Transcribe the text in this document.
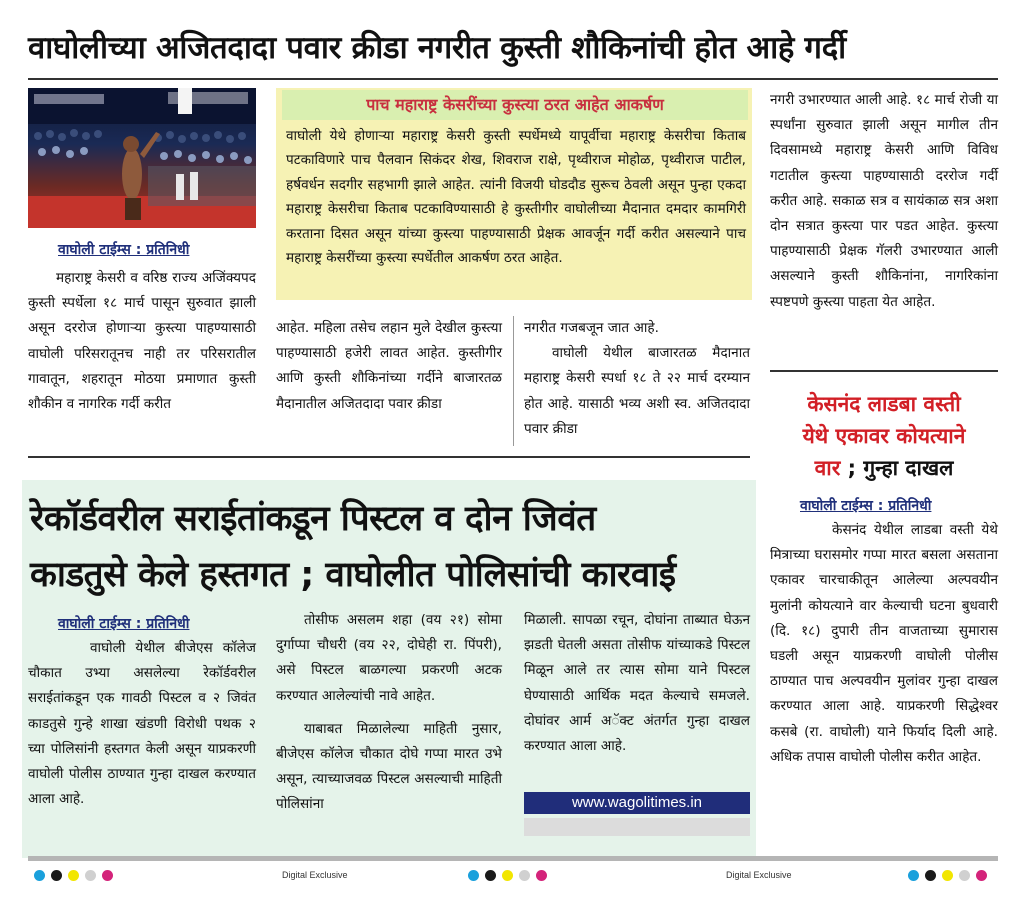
वाघोलीच्या अजितदादा पवार क्रीडा नगरीत कुस्ती शौकिनांची होत आहे गर्दी
वाघोली टाईम्स : प्रतिनिधी
महाराष्ट्र केसरी व वरिष्ठ राज्य अजिंक्यपद कुस्ती स्पर्धेला १८ मार्च पासून सुरुवात झाली असून दररोज होणाऱ्या कुस्त्या पाहण्यासाठी वाघोली परिसरातूनच नाही तर परिसरातील गावातून, शहरातून मोठया प्रमाणात कुस्ती शौकीन व नागरिक गर्दी करीत
पाच महाराष्ट्र केसरींच्या कुस्त्या ठरत आहेत आकर्षण
वाघोली येथे होणाऱ्या महाराष्ट्र केसरी कुस्ती स्पर्धेमध्ये यापूर्वीचा महाराष्ट्र केसरीचा किताब पटकाविणारे पाच पैलवान सिकंदर शेख, शिवराज राक्षे, पृथ्वीराज मोहोळ, पृथ्वीराज पाटील, हर्षवर्धन सदगीर सहभागी झाले आहेत. त्यांनी विजयी घोडदौड सुरूच ठेवली असून पुन्हा एकदा महाराष्ट्र केसरीचा किताब पटकाविण्यासाठी हे कुस्तीगीर वाघोलीच्या मैदानात दमदार कामगिरी करताना दिसत असून यांच्या कुस्त्या पाहण्यासाठी प्रेक्षक आवर्जून गर्दी करीत असल्याने पाच महाराष्ट्र केसरींच्या कुस्त्या स्पर्धेतील आकर्षण ठरत आहेत.
आहेत. महिला तसेच लहान मुले देखील कुस्त्या पाहण्यासाठी हजेरी लावत आहेत. कुस्तीगीर आणि कुस्ती शौकिनांच्या गर्दीने बाजारतळ मैदानातील अजितदादा पवार क्रीडा

नगरीत गजबजून जात आहे.

वाघोली येथील बाजारतळ मैदानात महाराष्ट्र केसरी स्पर्धा १८ ते २२ मार्च दरम्यान होत आहे. यासाठी भव्य अशी स्व. अजितदादा पवार क्रीडा

नगरी उभारण्यात आली आहे. १८ मार्च रोजी या स्पर्धांना सुरुवात झाली असून मागील तीन दिवसामध्ये महाराष्ट्र केसरी आणि विविध गटातील कुस्त्या पाहण्यासाठी दररोज गर्दी करीत आहे. सकाळ सत्र व सायंकाळ सत्र अशा दोन सत्रात कुस्त्या पार पडत आहेत. कुस्त्या पाहण्यासाठी प्रेक्षक गॅलरी उभारण्यात आली असल्याने कुस्ती शौकिनांना, नागरिकांना स्पष्टपणे कुस्त्या पाहता येत आहेत.
केसनंद लाडबा वस्ती
येथे एकावर कोयत्याने
वार ; गुन्हा दाखल
वाघोली टाईम्स : प्रतिनिधी
केसनंद येथील लाडबा वस्ती येथे मित्राच्या घरासमोर गप्पा मारत बसला असताना एकावर चारचाकीतून आलेल्या अल्पवयीन मुलांनी कोयत्याने वार केल्याची घटना बुधवारी (दि. १८) दुपारी तीन वाजताच्या सुमारास घडली असून याप्रकरणी वाघोली पोलीस ठाण्यात पाच अल्पवयीन मुलांवर गुन्हा दाखल करण्यात आला आहे. याप्रकरणी सिद्धेश्वर कसबे (रा. वाघोली) याने फिर्याद दिली आहे. अधिक तपास वाघोली पोलीस करीत आहेत.
रेकॉर्डवरील सराईतांकडून पिस्टल व दोन जिवंत
काडतुसे केले हस्तगत ; वाघोलीत पोलिसांची कारवाई
वाघोली टाईम्स : प्रतिनिधी
वाघोली येथील बीजेएस कॉलेज चौकात उभ्या असलेल्या रेकॉर्डवरील सराईतांकडून एक गावठी पिस्टल व २ जिवंत काडतुसे गुन्हे शाखा खंडणी विरोधी पथक २ च्या पोलिसांनी हस्तगत केली असून याप्रकरणी वाघोली पोलीस ठाण्यात गुन्हा दाखल करण्यात आला आहे.

तोसीफ असलम शहा (वय २१) सोमा दुर्गाप्पा चौधरी (वय २२, दोघेही रा. पिंपरी), असे पिस्टल बाळगल्या प्रकरणी अटक करण्यात आलेल्यांची नावे आहेत.

याबाबत मिळालेल्या माहिती नुसार, बीजेएस कॉलेज चौकात दोघे गप्पा मारत उभे असून, त्याच्याजवळ पिस्टल असल्याची माहिती पोलिसांना

मिळाली. सापळा रचून, दोघांना ताब्यात घेऊन झडती घेतली असता तोसीफ यांच्याकडे पिस्टल मिळून आले तर त्यास सोमा याने पिस्टल घेण्यासाठी आर्थिक मदत केल्याचे समजले. दोघांवर आर्म अॅक्ट अंतर्गत गुन्हा दाखल करण्यात आला आहे.
www.wagolitimes.in
Digital Exclusive	Digital Exclusive
